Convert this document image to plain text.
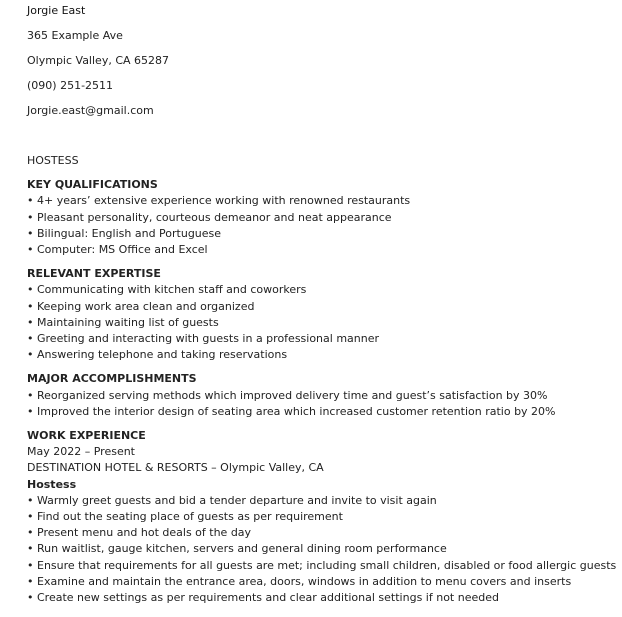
Jorgie East
365 Example Ave
Olympic Valley, CA 65287
(090) 251-2511
Jorgie.east@gmail.com
HOSTESS
KEY QUALIFICATIONS
• 4+ years’ extensive experience working with renowned restaurants
• Pleasant personality, courteous demeanor and neat appearance
• Bilingual: English and Portuguese
• Computer: MS Office and Excel
RELEVANT EXPERTISE
• Communicating with kitchen staff and coworkers
• Keeping work area clean and organized
• Maintaining waiting list of guests
• Greeting and interacting with guests in a professional manner
• Answering telephone and taking reservations
MAJOR ACCOMPLISHMENTS
• Reorganized serving methods which improved delivery time and guest’s satisfaction by 30%
• Improved the interior design of seating area which increased customer retention ratio by 20%
WORK EXPERIENCE
May 2022 – Present
DESTINATION HOTEL & RESORTS – Olympic Valley, CA
Hostess
• Warmly greet guests and bid a tender departure and invite to visit again
• Find out the seating place of guests as per requirement
• Present menu and hot deals of the day
• Run waitlist, gauge kitchen, servers and general dining room performance
• Ensure that requirements for all guests are met; including small children, disabled or food allergic guests
• Examine and maintain the entrance area, doors, windows in addition to menu covers and inserts
• Create new settings as per requirements and clear additional settings if not needed
